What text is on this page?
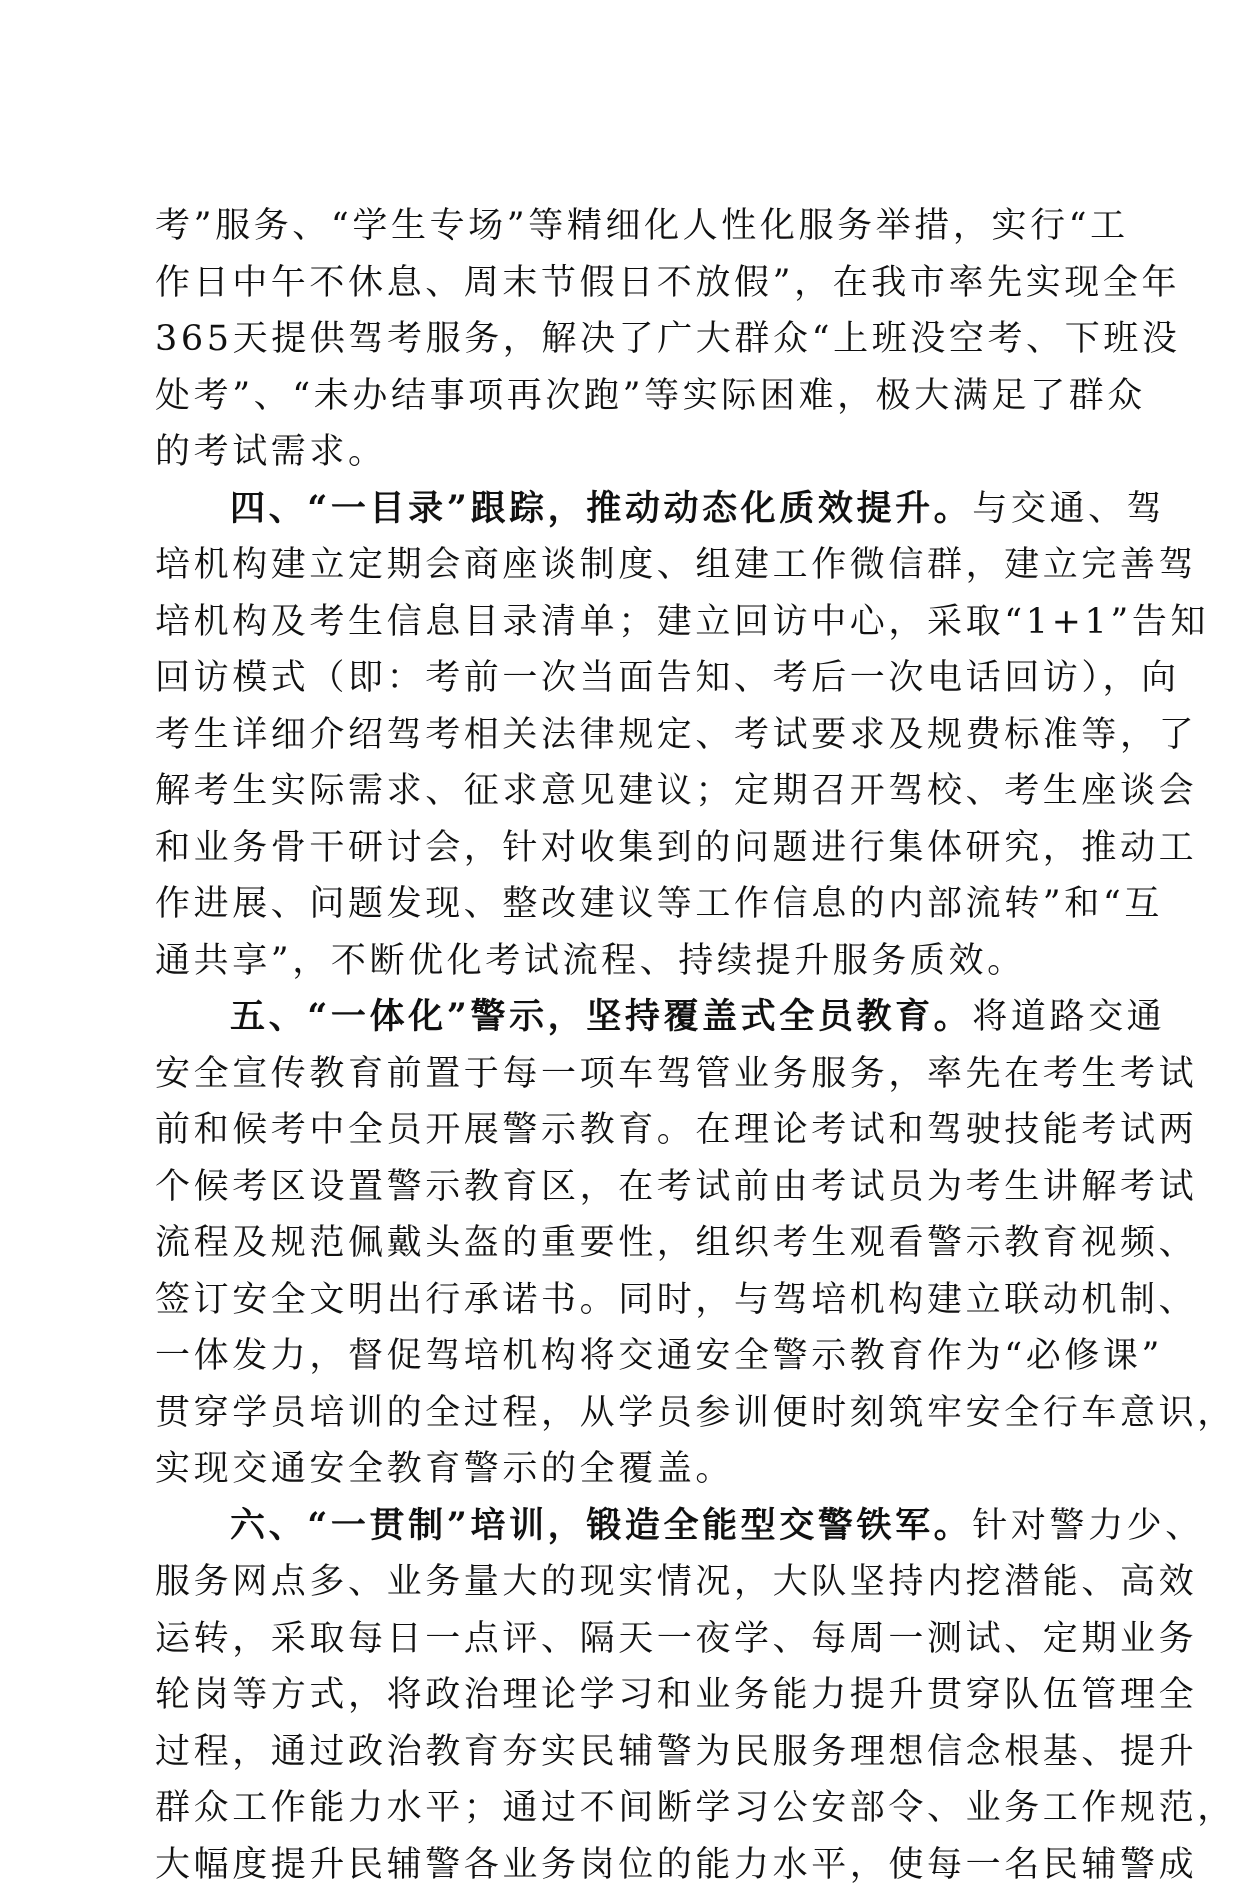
考”服务、“学生专场”等精细化人性化服务举措，实行“工
作日中午不休息、周末节假日不放假”，在我市率先实现全年
365天提供驾考服务，解决了广大群众“上班没空考、下班没
处考”、“未办结事项再次跑”等实际困难，极大满足了群众
的考试需求。
四、“一目录”跟踪，推动动态化质效提升。与交通、驾
培机构建立定期会商座谈制度、组建工作微信群，建立完善驾
培机构及考生信息目录清单；建立回访中心，采取“1+1”告知
回访模式（即：考前一次当面告知、考后一次电话回访），向
考生详细介绍驾考相关法律规定、考试要求及规费标准等，了
解考生实际需求、征求意见建议；定期召开驾校、考生座谈会
和业务骨干研讨会，针对收集到的问题进行集体研究，推动工
作进展、问题发现、整改建议等工作信息的内部流转”和“互
通共享”，不断优化考试流程、持续提升服务质效。
五、“一体化”警示，坚持覆盖式全员教育。将道路交通
安全宣传教育前置于每一项车驾管业务服务，率先在考生考试
前和候考中全员开展警示教育。在理论考试和驾驶技能考试两
个候考区设置警示教育区，在考试前由考试员为考生讲解考试
流程及规范佩戴头盔的重要性，组织考生观看警示教育视频、
签订安全文明出行承诺书。同时，与驾培机构建立联动机制、
一体发力，督促驾培机构将交通安全警示教育作为“必修课”
贯穿学员培训的全过程，从学员参训便时刻筑牢安全行车意识，
实现交通安全教育警示的全覆盖。
六、“一贯制”培训，锻造全能型交警铁军。针对警力少、
服务网点多、业务量大的现实情况，大队坚持内挖潜能、高效
运转，采取每日一点评、隔天一夜学、每周一测试、定期业务
轮岗等方式，将政治理论学习和业务能力提升贯穿队伍管理全
过程，通过政治教育夯实民辅警为民服务理想信念根基、提升
群众工作能力水平；通过不间断学习公安部令、业务工作规范，
大幅度提升民辅警各业务岗位的能力水平，使每一名民辅警成
